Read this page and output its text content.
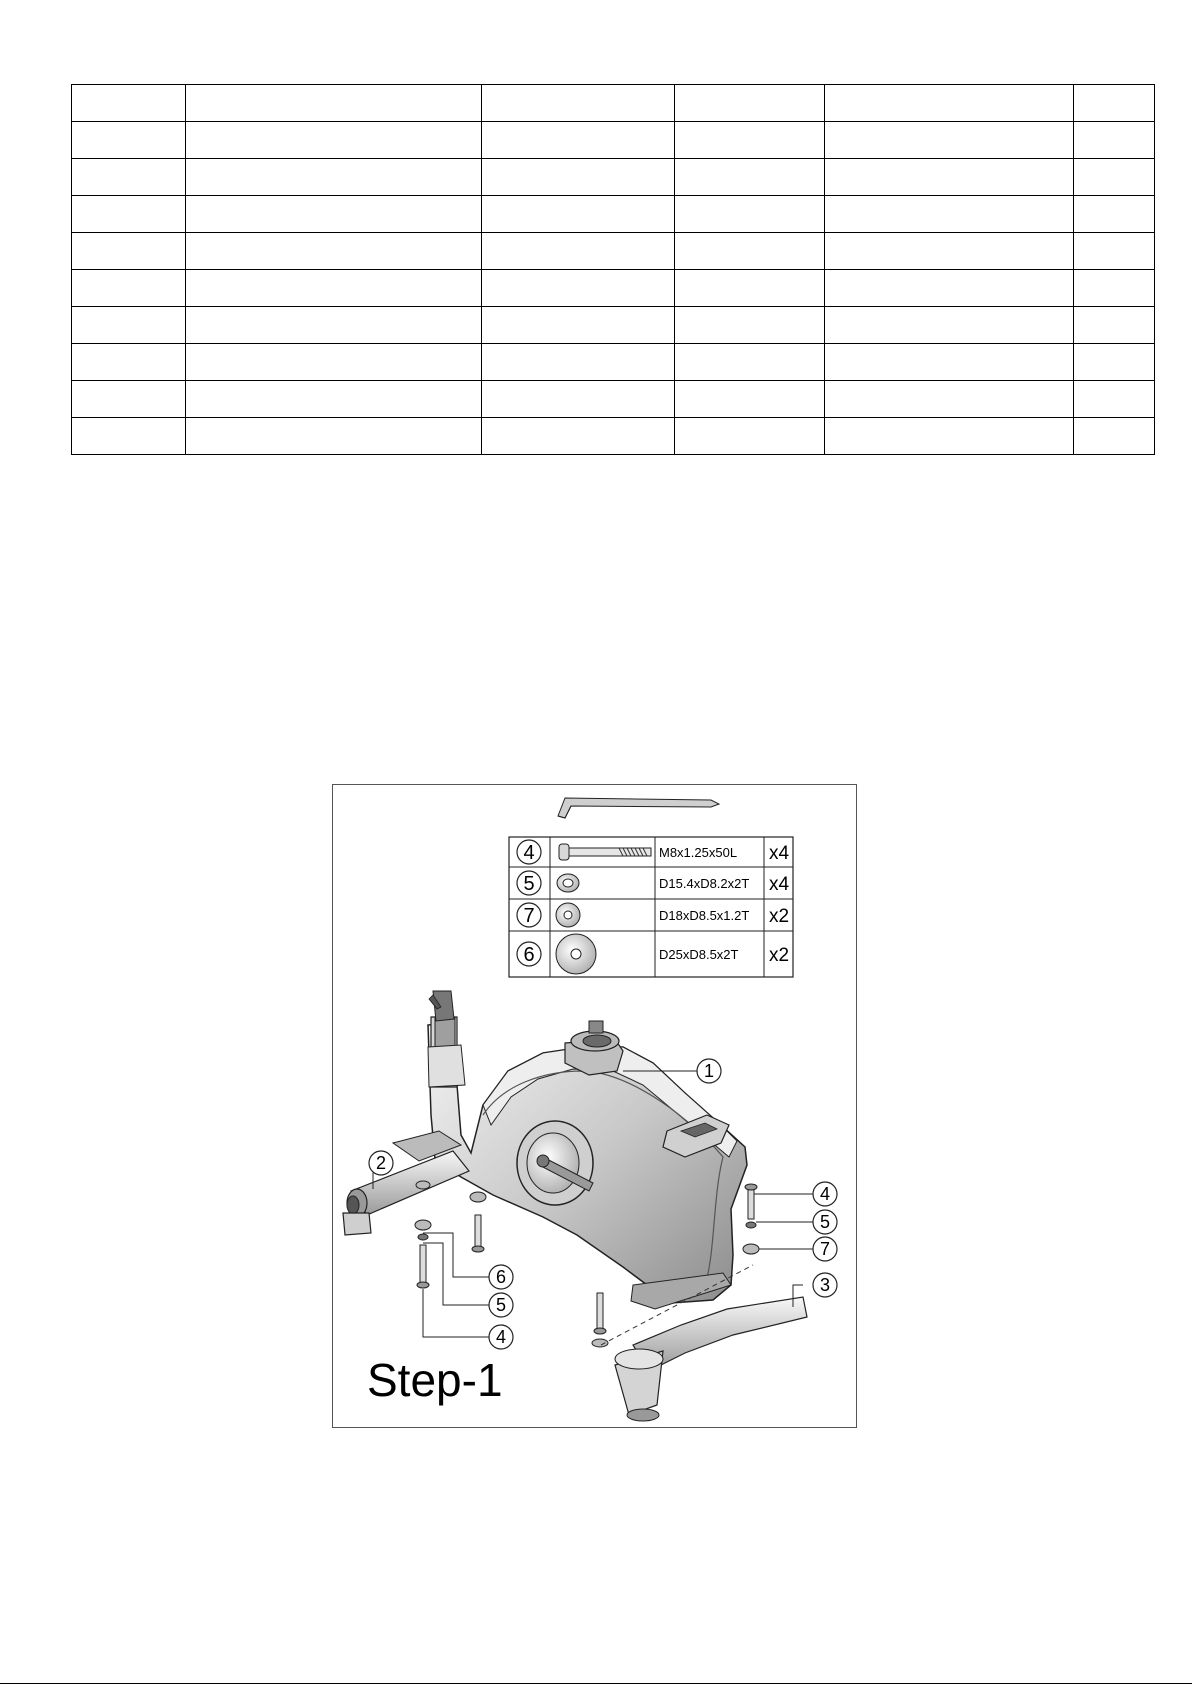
4	M8x1.25x50L x4
5	D15.4xD8.2x2T x4
7	D18xD8.5x1.2T x2
6	D25xD8.5x2T x2
1
2
3
4
5
7
6
5
4
Step-1
